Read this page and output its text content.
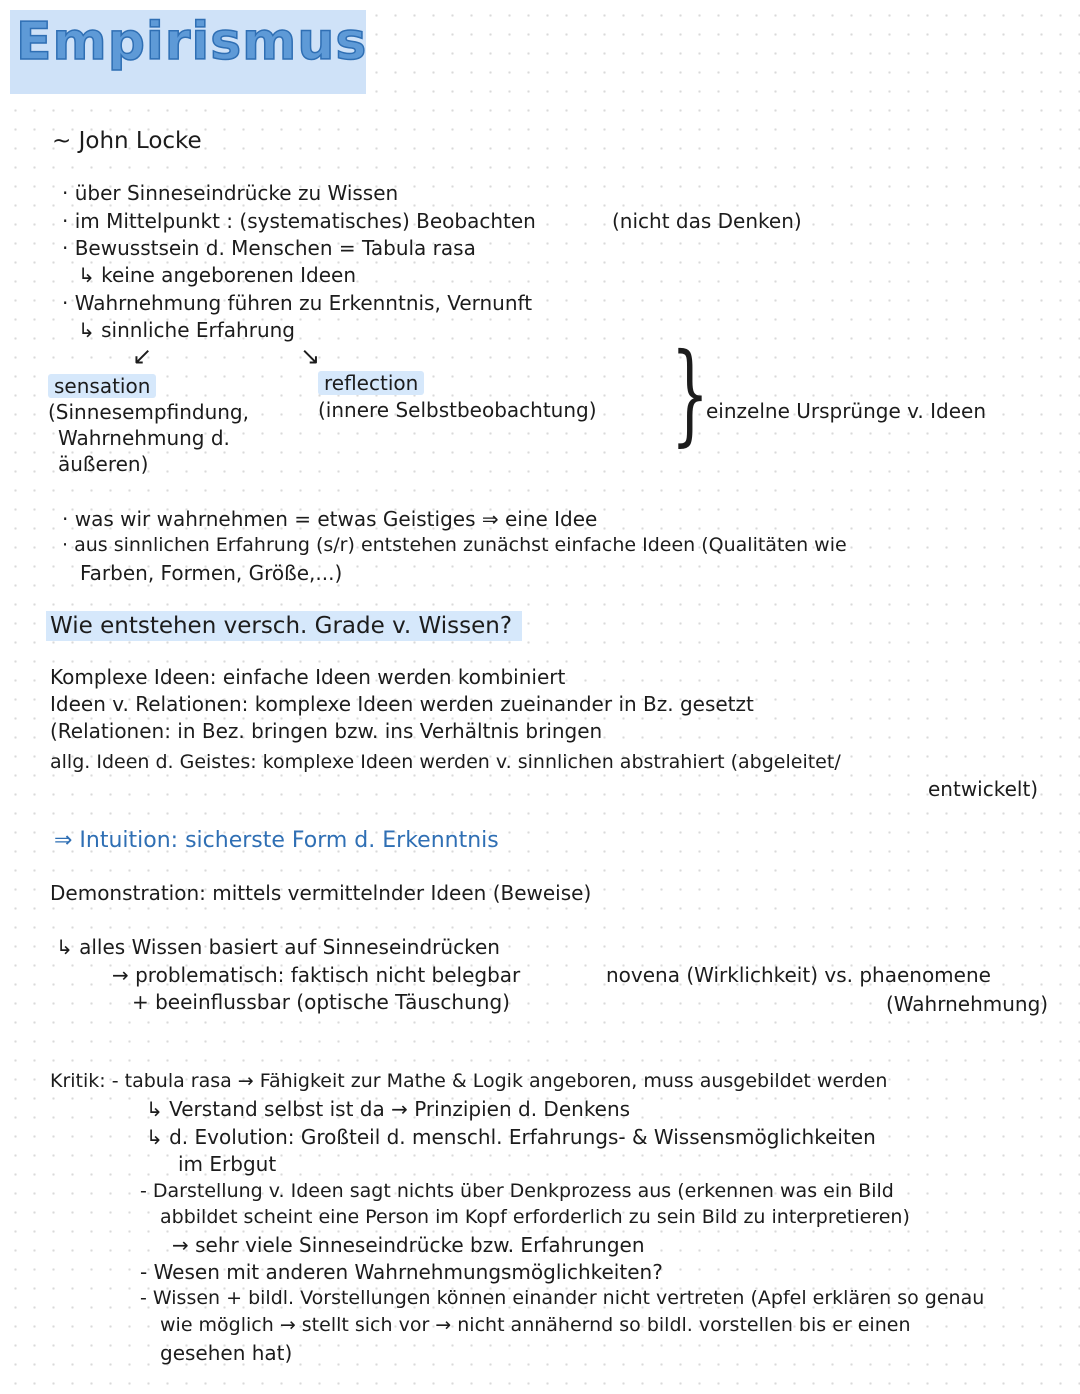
Empirismus
~ John Locke
· über Sinneseindrücke zu Wissen
· im Mittelpunkt : (systematisches) Beobachten	(nicht das Denken)
· Bewusstsein d. Menschen = Tabula rasa
↳ keine angeborenen Ideen
· Wahrnehmung führen zu Erkenntnis, Vernunft
↳ sinnliche Erfahrung
↙	↘
sensation
(Sinnesempfindung,
Wahrnehmung d.
äußeren)
reflection
(innere Selbstbeobachtung) }
einzelne Ursprünge v. Ideen
· was wir wahrnehmen = etwas Geistiges ⇒ eine Idee
· aus sinnlichen Erfahrung (s/r) entstehen zunächst einfache Ideen (Qualitäten wie
Farben, Formen, Größe,...)
Wie entstehen versch. Grade v. Wissen?
Komplexe Ideen: einfache Ideen werden kombiniert
Ideen v. Relationen: komplexe Ideen werden zueinander in Bz. gesetzt
(Relationen: in Bez. bringen bzw. ins Verhältnis bringen
allg. Ideen d. Geistes: komplexe Ideen werden v. sinnlichen abstrahiert (abgeleitet/
entwickelt)
⇒ Intuition: sicherste Form d. Erkenntnis
Demonstration: mittels vermittelnder Ideen (Beweise)
↳ alles Wissen basiert auf Sinneseindrücken
→ problematisch: faktisch nicht belegbar	novena (Wirklichkeit) vs. phaenomene
+ beeinflussbar (optische Täuschung)	(Wahrnehmung)
Kritik: - tabula rasa → Fähigkeit zur Mathe & Logik angeboren, muss ausgebildet werden
↳ Verstand selbst ist da → Prinzipien d. Denkens
↳ d. Evolution: Großteil d. menschl. Erfahrungs- & Wissensmöglichkeiten
im Erbgut
- Darstellung v. Ideen sagt nichts über Denkprozess aus (erkennen was ein Bild
abbildet scheint eine Person im Kopf erforderlich zu sein Bild zu interpretieren)
→ sehr viele Sinneseindrücke bzw. Erfahrungen
- Wesen mit anderen Wahrnehmungsmöglichkeiten?
- Wissen + bildl. Vorstellungen können einander nicht vertreten (Apfel erklären so genau
wie möglich → stellt sich vor → nicht annähernd so bildl. vorstellen bis er einen
gesehen hat)
